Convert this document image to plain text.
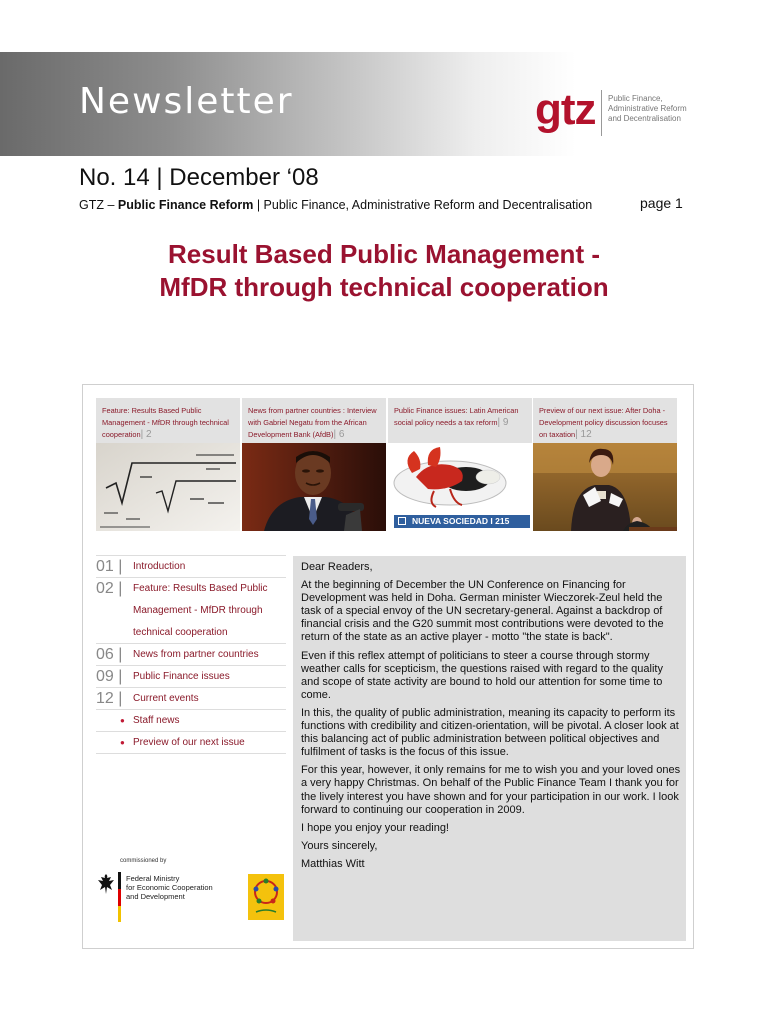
Newsletter	gtz Public Finance,
Administrative Reform
and Decentralisation
No. 14 | December ‘08
GTZ – Public Finance Reform | Public Finance, Administrative Reform and Decentralisation	page 1
Result Based Public Management -
MfDR through technical cooperation
Feature: Results Based Public Management - MfDR through technical cooperation| 2
News from partner countries : Interview with Gabriel Negatu from the African Development Bank (AfdB)| 6
Public Finance issues: Latin American social policy needs a tax reform| 9
NUEVA SOCIEDAD I 215
Preview of our next issue: After Doha - Development policy discussion focuses on taxation| 12
01 | Introduction
02 | Feature: Results Based Public
Management - MfDR through
technical cooperation
06 | News from partner countries
09 | Public Finance issues
12 | Current events
● Staff news
● Preview of our next issue

Dear Readers,

At the beginning of December the UN Conference on Financing for Development was held in Doha. German minister Wieczorek-Zeul held the task of a special envoy of the UN secretary-general. Against a backdrop of financial crisis and the G20 summit most contributions were devoted to the return of the state as an active player - motto "the state is back".

Even if this reflex attempt of politicians to steer a course through stormy weather calls for scepticism, the questions raised with regard to the quality and scope of state activity are bound to hold our attention for some time to come.

In this, the quality of public administration, meaning its capacity to perform its functions with credibility and citizen-orientation, will be pivotal. A closer look at this balancing act of public administration between political objectives and fulfilment of tasks is the focus of this issue.

For this year, however, it only remains for me to wish you and your loved ones a very happy Christmas. On behalf of the Public Finance Team I thank you for the lively interest you have shown and for your participation in our work. I look forward to continuing our cooperation in 2009.

I hope you enjoy your reading!

Yours sincerely,

Matthias Witt

commissioned by
Federal Ministry
for Economic Cooperation
and Development
